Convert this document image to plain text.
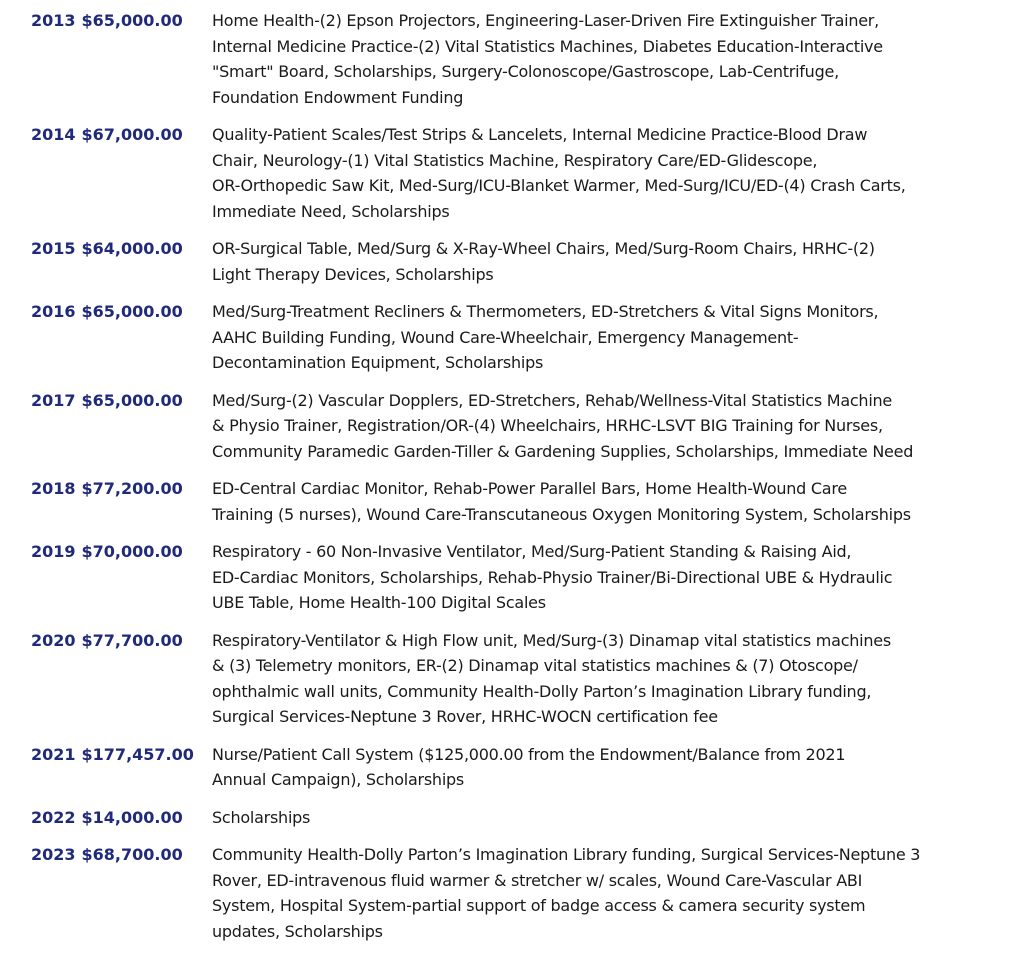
2013 $65,000.00	Home Health-(2) Epson Projectors, Engineering-Laser-Driven Fire Extinguisher Trainer,
Internal Medicine Practice-(2) Vital Statistics Machines, Diabetes Education-Interactive
"Smart" Board, Scholarships, Surgery-Colonoscope/Gastroscope, Lab-Centrifuge,
Foundation Endowment Funding
2014 $67,000.00	Quality-Patient Scales/Test Strips & Lancelets, Internal Medicine Practice-Blood Draw
Chair, Neurology-(1) Vital Statistics Machine, Respiratory Care/ED-Glidescope,
OR-Orthopedic Saw Kit, Med-Surg/ICU-Blanket Warmer, Med-Surg/ICU/ED-(4) Crash Carts,
Immediate Need, Scholarships
2015 $64,000.00	OR-Surgical Table, Med/Surg & X-Ray-Wheel Chairs, Med/Surg-Room Chairs, HRHC-(2)
Light Therapy Devices, Scholarships
2016 $65,000.00	Med/Surg-Treatment Recliners & Thermometers, ED-Stretchers & Vital Signs Monitors,
AAHC Building Funding, Wound Care-Wheelchair, Emergency Management-
Decontamination Equipment, Scholarships
2017 $65,000.00	Med/Surg-(2) Vascular Dopplers, ED-Stretchers, Rehab/Wellness-Vital Statistics Machine
& Physio Trainer, Registration/OR-(4) Wheelchairs, HRHC-LSVT BIG Training for Nurses,
Community Paramedic Garden-Tiller & Gardening Supplies, Scholarships, Immediate Need
2018 $77,200.00	ED-Central Cardiac Monitor, Rehab-Power Parallel Bars, Home Health-Wound Care
Training (5 nurses), Wound Care-Transcutaneous Oxygen Monitoring System, Scholarships
2019 $70,000.00	Respiratory - 60 Non-Invasive Ventilator, Med/Surg-Patient Standing & Raising Aid,
ED-Cardiac Monitors, Scholarships, Rehab-Physio Trainer/Bi-Directional UBE & Hydraulic
UBE Table, Home Health-100 Digital Scales
2020 $77,700.00	Respiratory-Ventilator & High Flow unit, Med/Surg-(3) Dinamap vital statistics machines
& (3) Telemetry monitors, ER-(2) Dinamap vital statistics machines & (7) Otoscope/
ophthalmic wall units, Community Health-Dolly Parton’s Imagination Library funding,
Surgical Services-Neptune 3 Rover, HRHC-WOCN certification fee
2021 $177,457.00	Nurse/Patient Call System ($125,000.00 from the Endowment/Balance from 2021
Annual Campaign), Scholarships
2022 $14,000.00	Scholarships
2023 $68,700.00	Community Health-Dolly Parton’s Imagination Library funding, Surgical Services-Neptune 3
Rover, ED-intravenous fluid warmer & stretcher w/ scales, Wound Care-Vascular ABI
System, Hospital System-partial support of badge access & camera security system
updates, Scholarships
